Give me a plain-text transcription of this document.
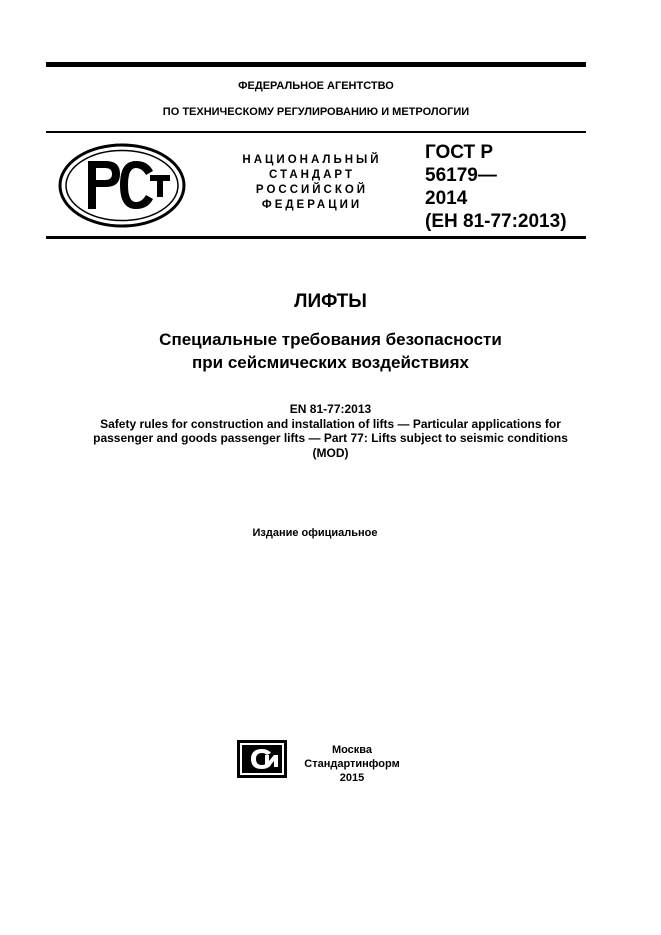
ФЕДЕРАЛЬНОЕ АГЕНТСТВО
ПО ТЕХНИЧЕСКОМУ РЕГУЛИРОВАНИЮ И МЕТРОЛОГИИ
НАЦИОНАЛЬНЫЙ
СТАНДАРТ
РОССИЙСКОЙ
ФЕДЕРАЦИИ
ГОСТ Р
56179—
2014
(ЕН 81-77:2013)
ЛИФТЫ
Специальные требования безопасности
при сейсмических воздействиях
EN 81-77:2013
Safety rules for construction and installation of lifts — Particular applications for
passenger and goods passenger lifts — Part 77: Lifts subject to seismic conditions
(MOD)
Издание официальное
Москва
Стандартинформ
2015
